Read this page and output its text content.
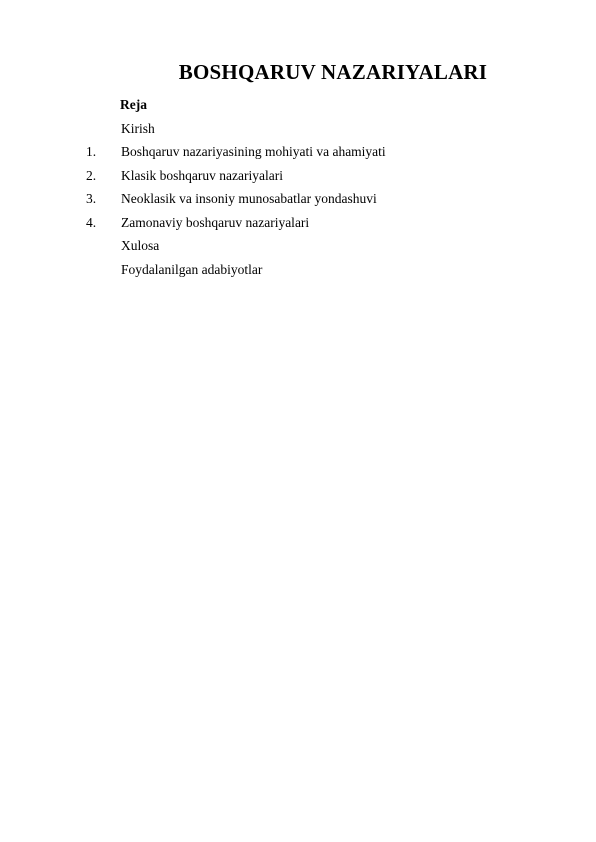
BOSHQARUV NAZARIYALARI
Reja
Kirish
1.	Boshqaruv nazariyasining mohiyati va ahamiyati
2.	Klasik boshqaruv nazariyalari
3.	Neoklasik va insoniy munosabatlar yondashuvi
4.	Zamonaviy boshqaruv nazariyalari
Xulosa
Foydalanilgan adabiyotlar
